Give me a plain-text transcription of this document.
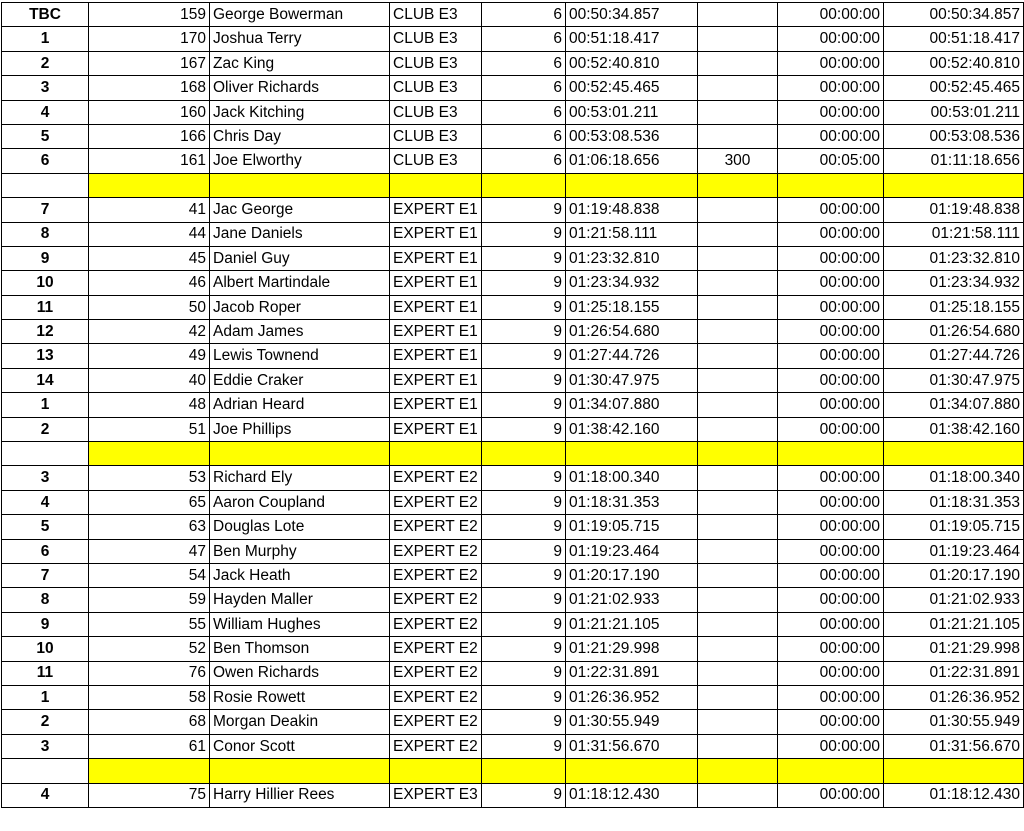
TBC	159	George Bowerman	CLUB E3	6	00:50:34.857		00:00:00	00:50:34.857
1	170	Joshua Terry	CLUB E3	6	00:51:18.417		00:00:00	00:51:18.417
2	167	Zac King	CLUB E3	6	00:52:40.810		00:00:00	00:52:40.810
3	168	Oliver Richards	CLUB E3	6	00:52:45.465		00:00:00	00:52:45.465
4	160	Jack Kitching	CLUB E3	6	00:53:01.211		00:00:00	00:53:01.211
5	166	Chris Day	CLUB E3	6	00:53:08.536		00:00:00	00:53:08.536
6	161	Joe Elworthy	CLUB E3	6	01:06:18.656	300	00:05:00	01:11:18.656

7	41	Jac George	EXPERT E1	9	01:19:48.838		00:00:00	01:19:48.838
8	44	Jane Daniels	EXPERT E1	9	01:21:58.111		00:00:00	01:21:58.111
9	45	Daniel Guy	EXPERT E1	9	01:23:32.810		00:00:00	01:23:32.810
10	46	Albert Martindale	EXPERT E1	9	01:23:34.932		00:00:00	01:23:34.932
11	50	Jacob Roper	EXPERT E1	9	01:25:18.155		00:00:00	01:25:18.155
12	42	Adam James	EXPERT E1	9	01:26:54.680		00:00:00	01:26:54.680
13	49	Lewis Townend	EXPERT E1	9	01:27:44.726		00:00:00	01:27:44.726
14	40	Eddie Craker	EXPERT E1	9	01:30:47.975		00:00:00	01:30:47.975
1	48	Adrian Heard	EXPERT E1	9	01:34:07.880		00:00:00	01:34:07.880
2	51	Joe Phillips	EXPERT E1	9	01:38:42.160		00:00:00	01:38:42.160

3	53	Richard Ely	EXPERT E2	9	01:18:00.340		00:00:00	01:18:00.340
4	65	Aaron Coupland	EXPERT E2	9	01:18:31.353		00:00:00	01:18:31.353
5	63	Douglas Lote	EXPERT E2	9	01:19:05.715		00:00:00	01:19:05.715
6	47	Ben Murphy	EXPERT E2	9	01:19:23.464		00:00:00	01:19:23.464
7	54	Jack Heath	EXPERT E2	9	01:20:17.190		00:00:00	01:20:17.190
8	59	Hayden Maller	EXPERT E2	9	01:21:02.933		00:00:00	01:21:02.933
9	55	William Hughes	EXPERT E2	9	01:21:21.105		00:00:00	01:21:21.105
10	52	Ben Thomson	EXPERT E2	9	01:21:29.998		00:00:00	01:21:29.998
11	76	Owen Richards	EXPERT E2	9	01:22:31.891		00:00:00	01:22:31.891
1	58	Rosie Rowett	EXPERT E2	9	01:26:36.952		00:00:00	01:26:36.952
2	68	Morgan Deakin	EXPERT E2	9	01:30:55.949		00:00:00	01:30:55.949
3	61	Conor Scott	EXPERT E2	9	01:31:56.670		00:00:00	01:31:56.670

4	75	Harry Hillier Rees	EXPERT E3	9	01:18:12.430		00:00:00	01:18:12.430
